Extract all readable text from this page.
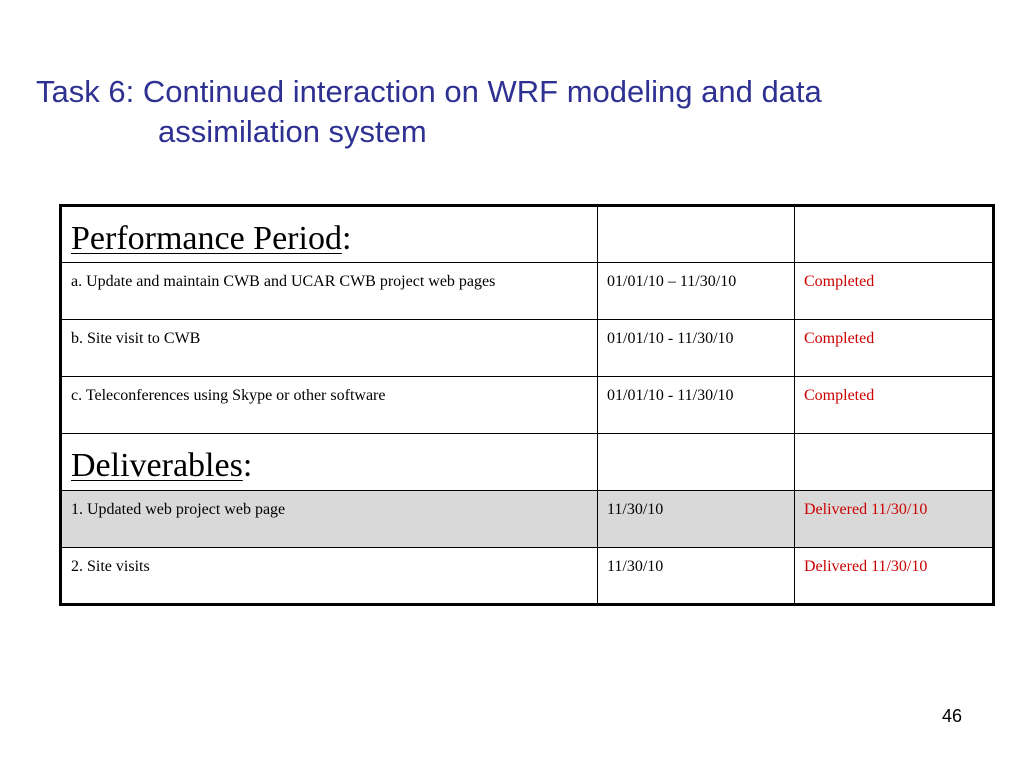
Task 6: Continued interaction on WRF modeling and data
assimilation system
Performance Period:		

a. Update and maintain CWB and UCAR CWB project web pages	01/01/10 – 11/30/10	Completed

b. Site visit to CWB	01/01/10 - 11/30/10	Completed

c. Teleconferences using Skype or other software	01/01/10 - 11/30/10	Completed

Deliverables:		

1. Updated web project web page	11/30/10	Delivered 11/30/10

2. Site visits	11/30/10	Delivered 11/30/10
46
